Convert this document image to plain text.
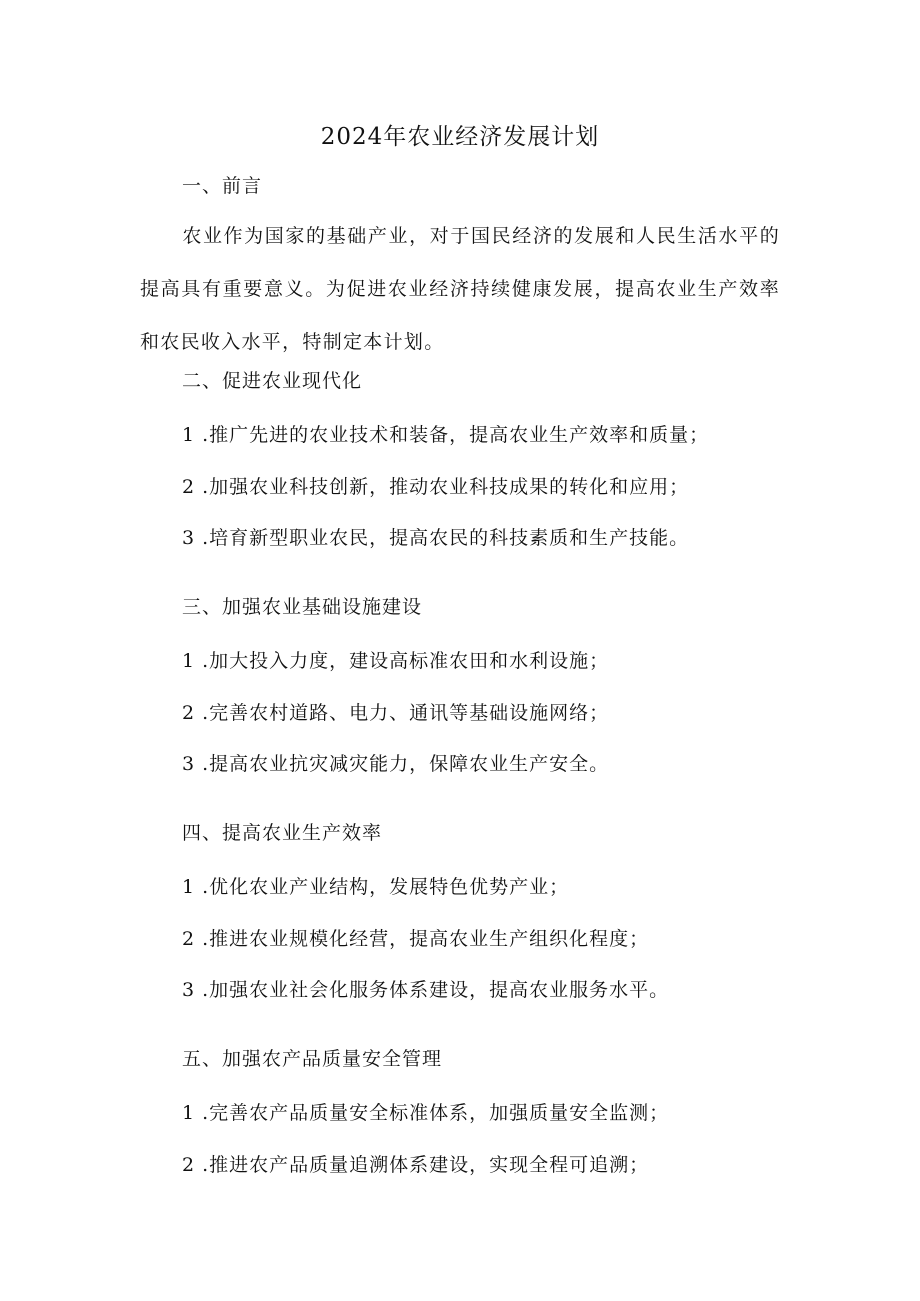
2024年农业经济发展计划
一、前言
农业作为国家的基础产业，对于国民经济的发展和人民生活水平的提高具有重要意义。为促进农业经济持续健康发展，提高农业生产效率和农民收入水平，特制定本计划。
二、促进农业现代化
1 .推广先进的农业技术和装备，提高农业生产效率和质量；
2 .加强农业科技创新，推动农业科技成果的转化和应用；
3 .培育新型职业农民，提高农民的科技素质和生产技能。
三、加强农业基础设施建设
1 .加大投入力度，建设高标准农田和水利设施；
2 .完善农村道路、电力、通讯等基础设施网络；
3 .提高农业抗灾减灾能力，保障农业生产安全。
四、提高农业生产效率
1 .优化农业产业结构，发展特色优势产业；
2 .推进农业规模化经营，提高农业生产组织化程度；
3 .加强农业社会化服务体系建设，提高农业服务水平。
五、加强农产品质量安全管理
1 .完善农产品质量安全标准体系，加强质量安全监测；
2 .推进农产品质量追溯体系建设，实现全程可追溯；
